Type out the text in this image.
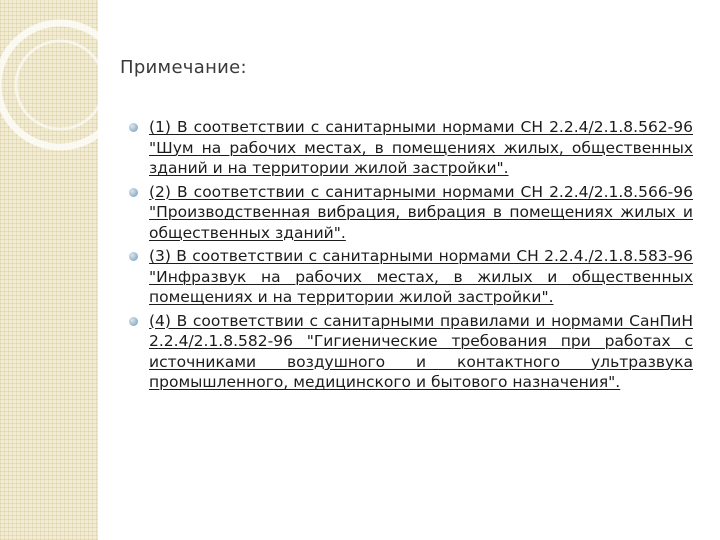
Примечание:
(1) В соответствии с санитарными нормами СН 2.2.4/2.1.8.562-96 "Шум на рабочих местах, в помещениях жилых, общественных зданий и на территории жилой застройки".
(2) В соответствии с санитарными нормами СН 2.2.4/2.1.8.566-96 "Производственная вибрация, вибрация в помещениях жилых и общественных зданий".
(3) В соответствии с санитарными нормами СН 2.2.4./2.1.8.583-96 "Инфразвук на рабочих местах, в жилых и общественных помещениях и на территории жилой застройки".
(4) В соответствии с санитарными правилами и нормами СанПиН 2.2.4/2.1.8.582-96 "Гигиенические требования при работах с источниками воздушного и контактного ультразвука промышленного, медицинского и бытового назначения".
